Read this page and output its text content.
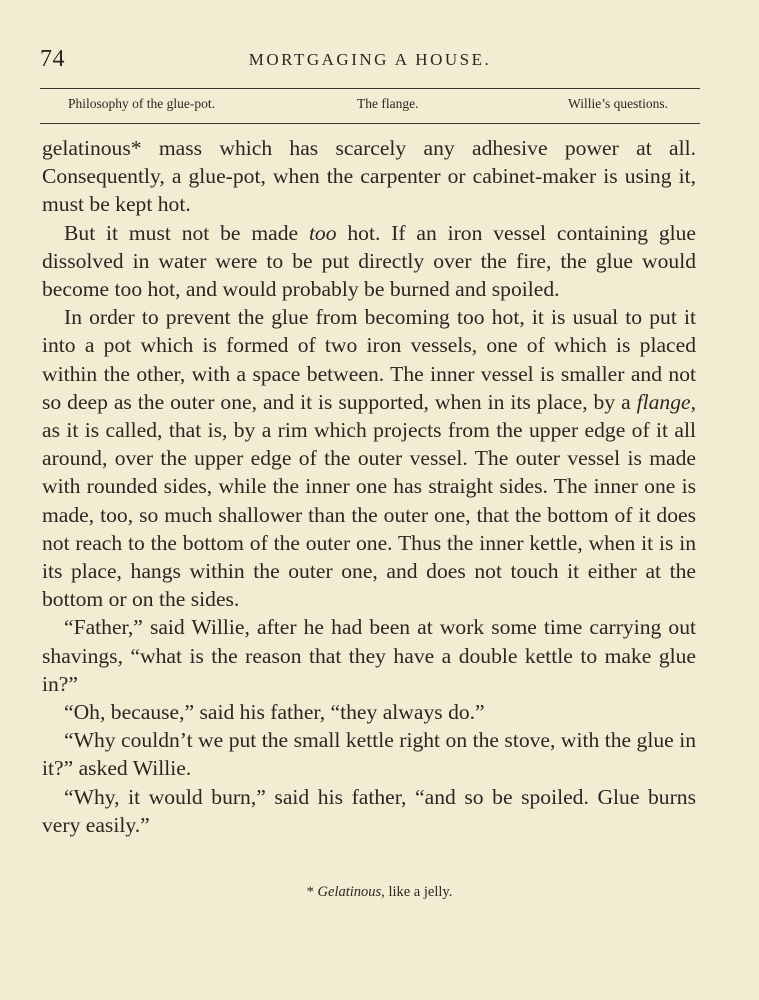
74	MORTGAGING A HOUSE.
Philosophy of the glue-pot.	The flange.	Willie’s questions.

gelatinous* mass which has scarcely any adhesive power at all. Consequently, a glue-pot, when the carpenter or cabinet-maker is using it, must be kept hot.

But it must not be made too hot. If an iron vessel containing glue dissolved in water were to be put directly over the fire, the glue would become too hot, and would probably be burned and spoiled.

In order to prevent the glue from becoming too hot, it is usual to put it into a pot which is formed of two iron vessels, one of which is placed within the other, with a space between. The inner vessel is smaller and not so deep as the outer one, and it is supported, when in its place, by a flange, as it is called, that is, by a rim which projects from the upper edge of it all around, over the upper edge of the outer vessel. The outer vessel is made with rounded sides, while the inner one has straight sides. The inner one is made, too, so much shallower than the outer one, that the bottom of it does not reach to the bottom of the outer one. Thus the inner kettle, when it is in its place, hangs within the outer one, and does not touch it either at the bottom or on the sides.

“Father,” said Willie, after he had been at work some time carrying out shavings, “what is the reason that they have a double kettle to make glue in?”

“Oh, because,” said his father, “they always do.”

“Why couldn’t we put the small kettle right on the stove, with the glue in it?” asked Willie.

“Why, it would burn,” said his father, “and so be spoiled. Glue burns very easily.”

* Gelatinous, like a jelly.
